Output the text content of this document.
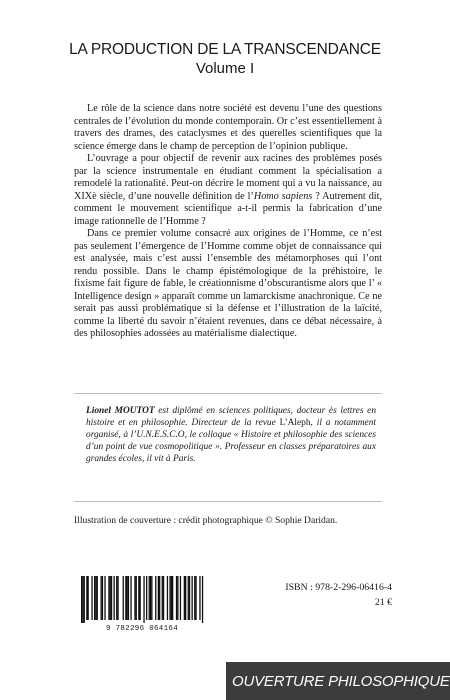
LA PRODUCTION DE LA TRANSCENDANCE
Volume I

Le rôle de la science dans notre société est devenu l’une des questions centrales de l’évolution du monde contemporain. Or c’est essentiellement à travers des drames, des cataclysmes et des querelles scientifiques que la science émerge dans le champ de perception de l’opinion publique.

L’ouvrage a pour objectif de revenir aux racines des problèmes posés par la science instrumentale en étudiant comment la spécialisation a remodelé la rationalité. Peut-on décrire le moment qui a vu la naissance, au XIXè siècle, d’une nouvelle définition de l’Homo sapiens ? Autrement dit, comment le mouvement scientifique a-t-il permis la fabrication d’une image rationnelle de l’Homme ?

Dans ce premier volume consacré aux origines de l’Homme, ce n’est pas seulement l’émergence de l’Homme comme objet de connaissance qui est analysée, mais c’est aussi l’ensemble des métamorphoses qui l’ont rendu possible. Dans le champ épistémologique de la préhistoire, le fixisme fait figure de fable, le créationnisme d’obscurantisme alors que l’ « Intelligence design » apparaît comme un lamarckisme anachronique. Ce ne serait pas aussi problématique si la défense et l’illustration de la laïcité, comme la liberté du savoir n’étaient revenues, dans ce débat nécessaire, à des philosophies adossées au matérialisme dialectique.

Lionel MOUTOT est diplômé en sciences politiques, docteur ès lettres en histoire et en philosophie. Directeur de la revue L’Aleph, il a notamment organisé, à l’U.N.E.S.C.O, le colloque « Histoire et philosophie des sciences d’un point de vue cosmopolitique ». Professeur en classes préparatoires aux grandes écoles, il vit à Paris.
Illustration de couverture : crédit photographique © Sophie Daridan.
9 782296 064164
ISBN : 978-2-296-06416-4
21 €
OUVERTURE PHILOSOPHIQUE
